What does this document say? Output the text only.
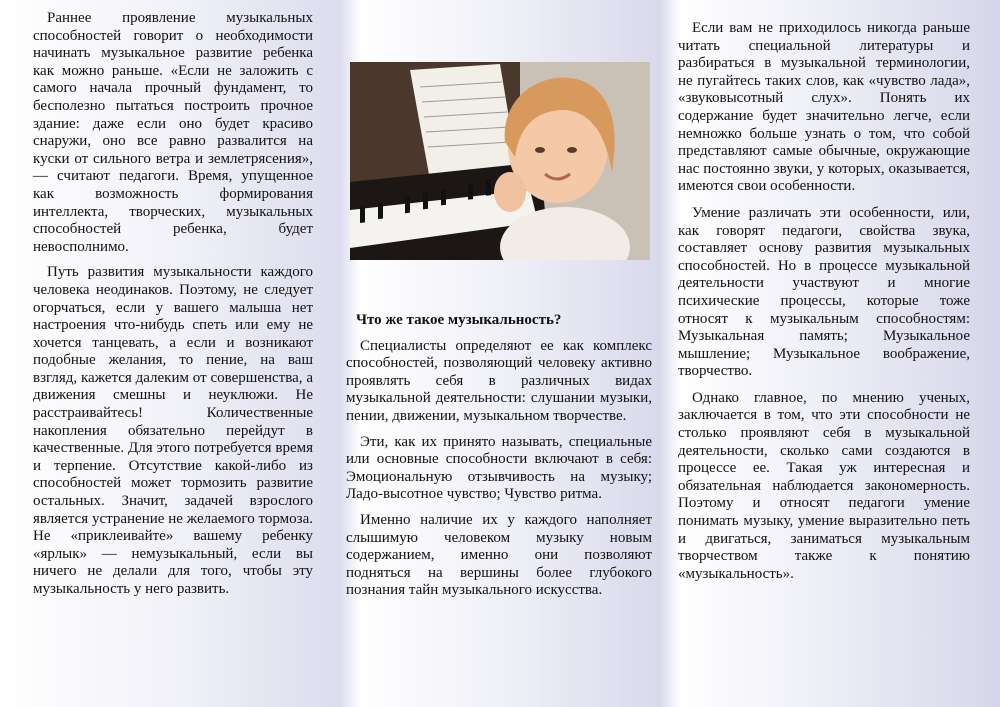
Раннее проявление музыкальных способностей говорит о необходимости начинать музыкальное развитие ребенка как можно раньше. «Если не заложить с самого начала прочный фундамент, то бесполезно пытаться построить прочное здание: даже если оно будет красиво снаружи, оно все равно развалится на куски от сильного ветра и землетрясения», — считают педагоги. Время, упущенное как возможность формирования интеллекта, творческих, музыкальных способностей ребенка, будет невосполнимо.

Путь развития музыкальности каждого человека неодинаков. Поэтому, не следует огорчаться, если у вашего малыша нет настроения что-нибудь спеть или ему не хочется танцевать, а если и возникают подобные желания, то пение, на ваш взгляд, кажется далеким от совершенства, а движения смешны и неуклюжи. Не расстраивайтесь! Количественные накопления обязательно перейдут в качественные. Для этого потребуется время и терпение. Отсутствие какой-либо из способностей может тормозить развитие остальных. Значит, задачей взрослого является устранение не желаемого тормоза. Не «приклеивайте» вашему ребенку «ярлык» — немузыкальный, если вы ничего не делали для того, чтобы эту музыкальность у него развить.

Что же такое музыкальность?

Специалисты определяют ее как комплекс способностей, позволяющий человеку активно проявлять себя в различных видах музыкальной деятельности: слушании музыки, пении, движении, музыкальном творчестве.

Эти, как их принято называть, специальные или основные способности включают в себя: Эмоциональную отзывчивость на музыку; Ладо-высотное чувство; Чувство ритма.

Именно наличие их у каждого наполняет слышимую человеком музыку новым содержанием, именно они позволяют подняться на вершины более глубокого познания тайн музыкального искусства.

Если вам не приходилось никогда раньше читать специальной литературы и разбираться в музыкальной терминологии, не пугайтесь таких слов, как «чувство лада», «звуковысотный слух». Понять их содержание будет значительно легче, если немножко больше узнать о том, что собой представляют самые обычные, окружающие нас постоянно звуки, у которых, оказывается, имеются свои особенности.

Умение различать эти особенности, или, как говорят педагоги, свойства звука, составляет основу развития музыкальных способностей. Но в процессе музыкальной деятельности участвуют и многие психические процессы, которые тоже относят к музыкальным способностям: Музыкальная память; Музыкальное мышление; Музыкальное воображение, творчество.

Однако главное, по мнению ученых, заключается в том, что эти способности не столько проявляют себя в музыкальной деятельности, сколько сами создаются в процессе ее. Такая уж интересная и обязательная наблюдается закономерность. Поэтому и относят педагоги умение понимать музыку, умение выразительно петь и двигаться, заниматься музыкальным творчеством также к понятию «музыкальность».
